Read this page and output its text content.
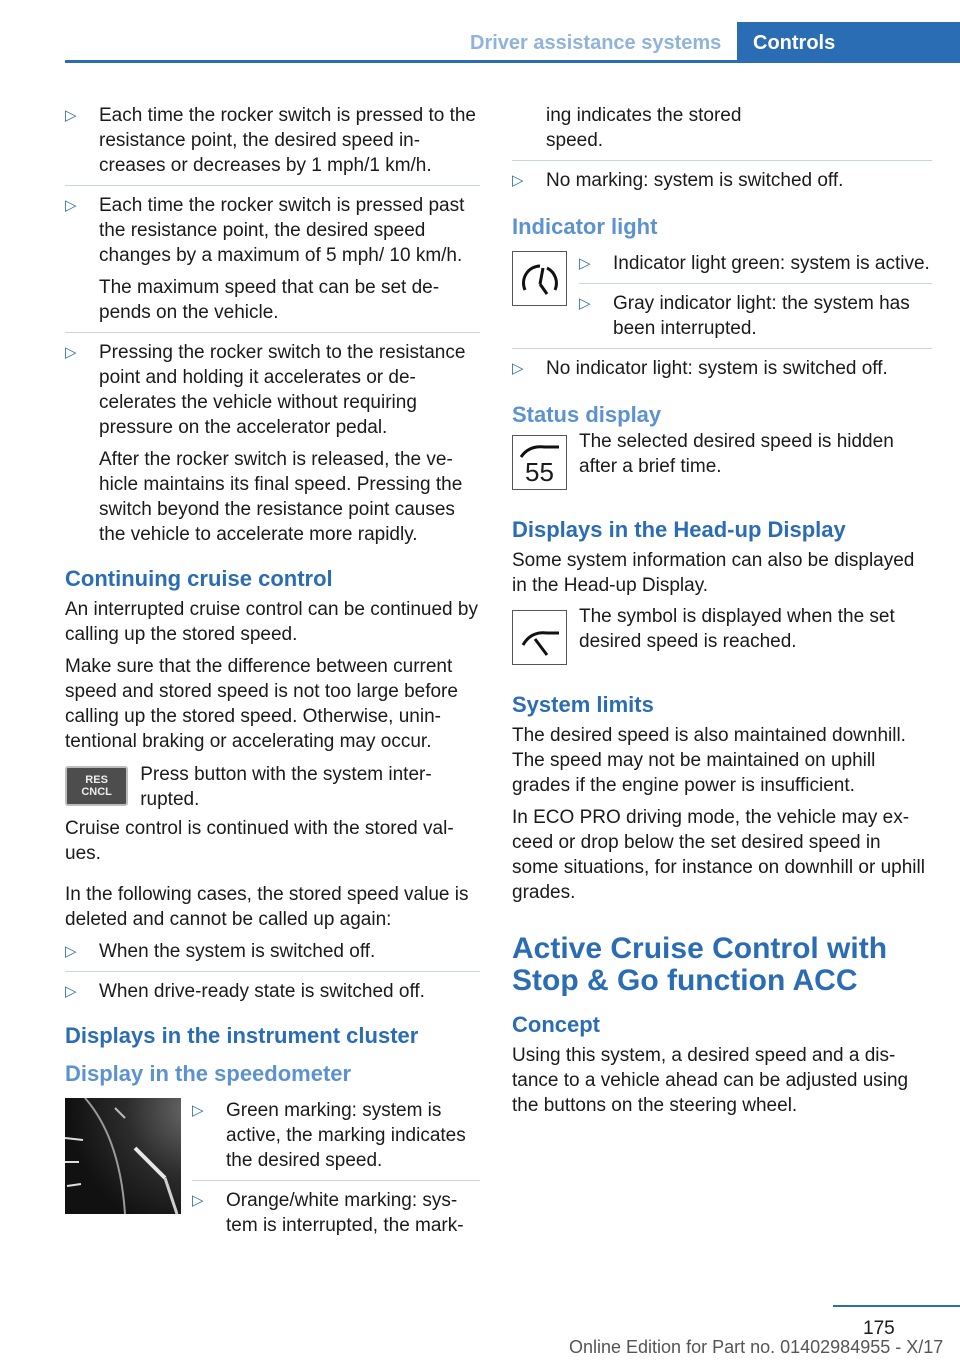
Driver assistance systems	Controls
▷ Each time the rocker switch is pressed to the resistance point, the desired speed increases or decreases by 1 mph/1 km/h.
▷ Each time the rocker switch is pressed past the resistance point, the desired speed changes by a maximum of 5 mph/ 10 km/h.
The maximum speed that can be set depends on the vehicle.
▷ Pressing the rocker switch to the resistance point and holding it accelerates or decelerates the vehicle without requiring pressure on the accelerator pedal.
After the rocker switch is released, the vehicle maintains its final speed. Pressing the switch beyond the resistance point causes the vehicle to accelerate more rapidly.
Continuing cruise control

An interrupted cruise control can be continued by calling up the stored speed.

Make sure that the difference between current speed and stored speed is not too large before calling up the stored speed. Otherwise, unintentional braking or accelerating may occur.

RES
CNCL
Press button with the system interrupted.

Cruise control is continued with the stored values.

In the following cases, the stored speed value is deleted and cannot be called up again:

▷ When the system is switched off.
▷ When drive-ready state is switched off.
Displays in the instrument cluster
Display in the speedometer
▷ Green marking: system is active, the marking indicates the desired speed.
▷ Orange/white marking: system is interrupted, the mark-
ing indicates the stored speed.
▷ No marking: system is switched off.
Indicator light
▷ Indicator light green: system is active.
▷ Gray indicator light: the system has been interrupted.
▷ No indicator light: system is switched off.
Status display
55
The selected desired speed is hidden after a brief time.
Displays in the Head-up Display

Some system information can also be displayed in the Head-up Display.

The symbol is displayed when the set desired speed is reached.
System limits

The desired speed is also maintained downhill. The speed may not be maintained on uphill grades if the engine power is insufficient.

In ECO PRO driving mode, the vehicle may exceed or drop below the set desired speed in some situations, for instance on downhill or uphill grades.

Active Cruise Control with Stop & Go function ACC
Concept

Using this system, a desired speed and a distance to a vehicle ahead can be adjusted using the buttons on the steering wheel.

175
Online Edition for Part no. 01402984955 - X/17
